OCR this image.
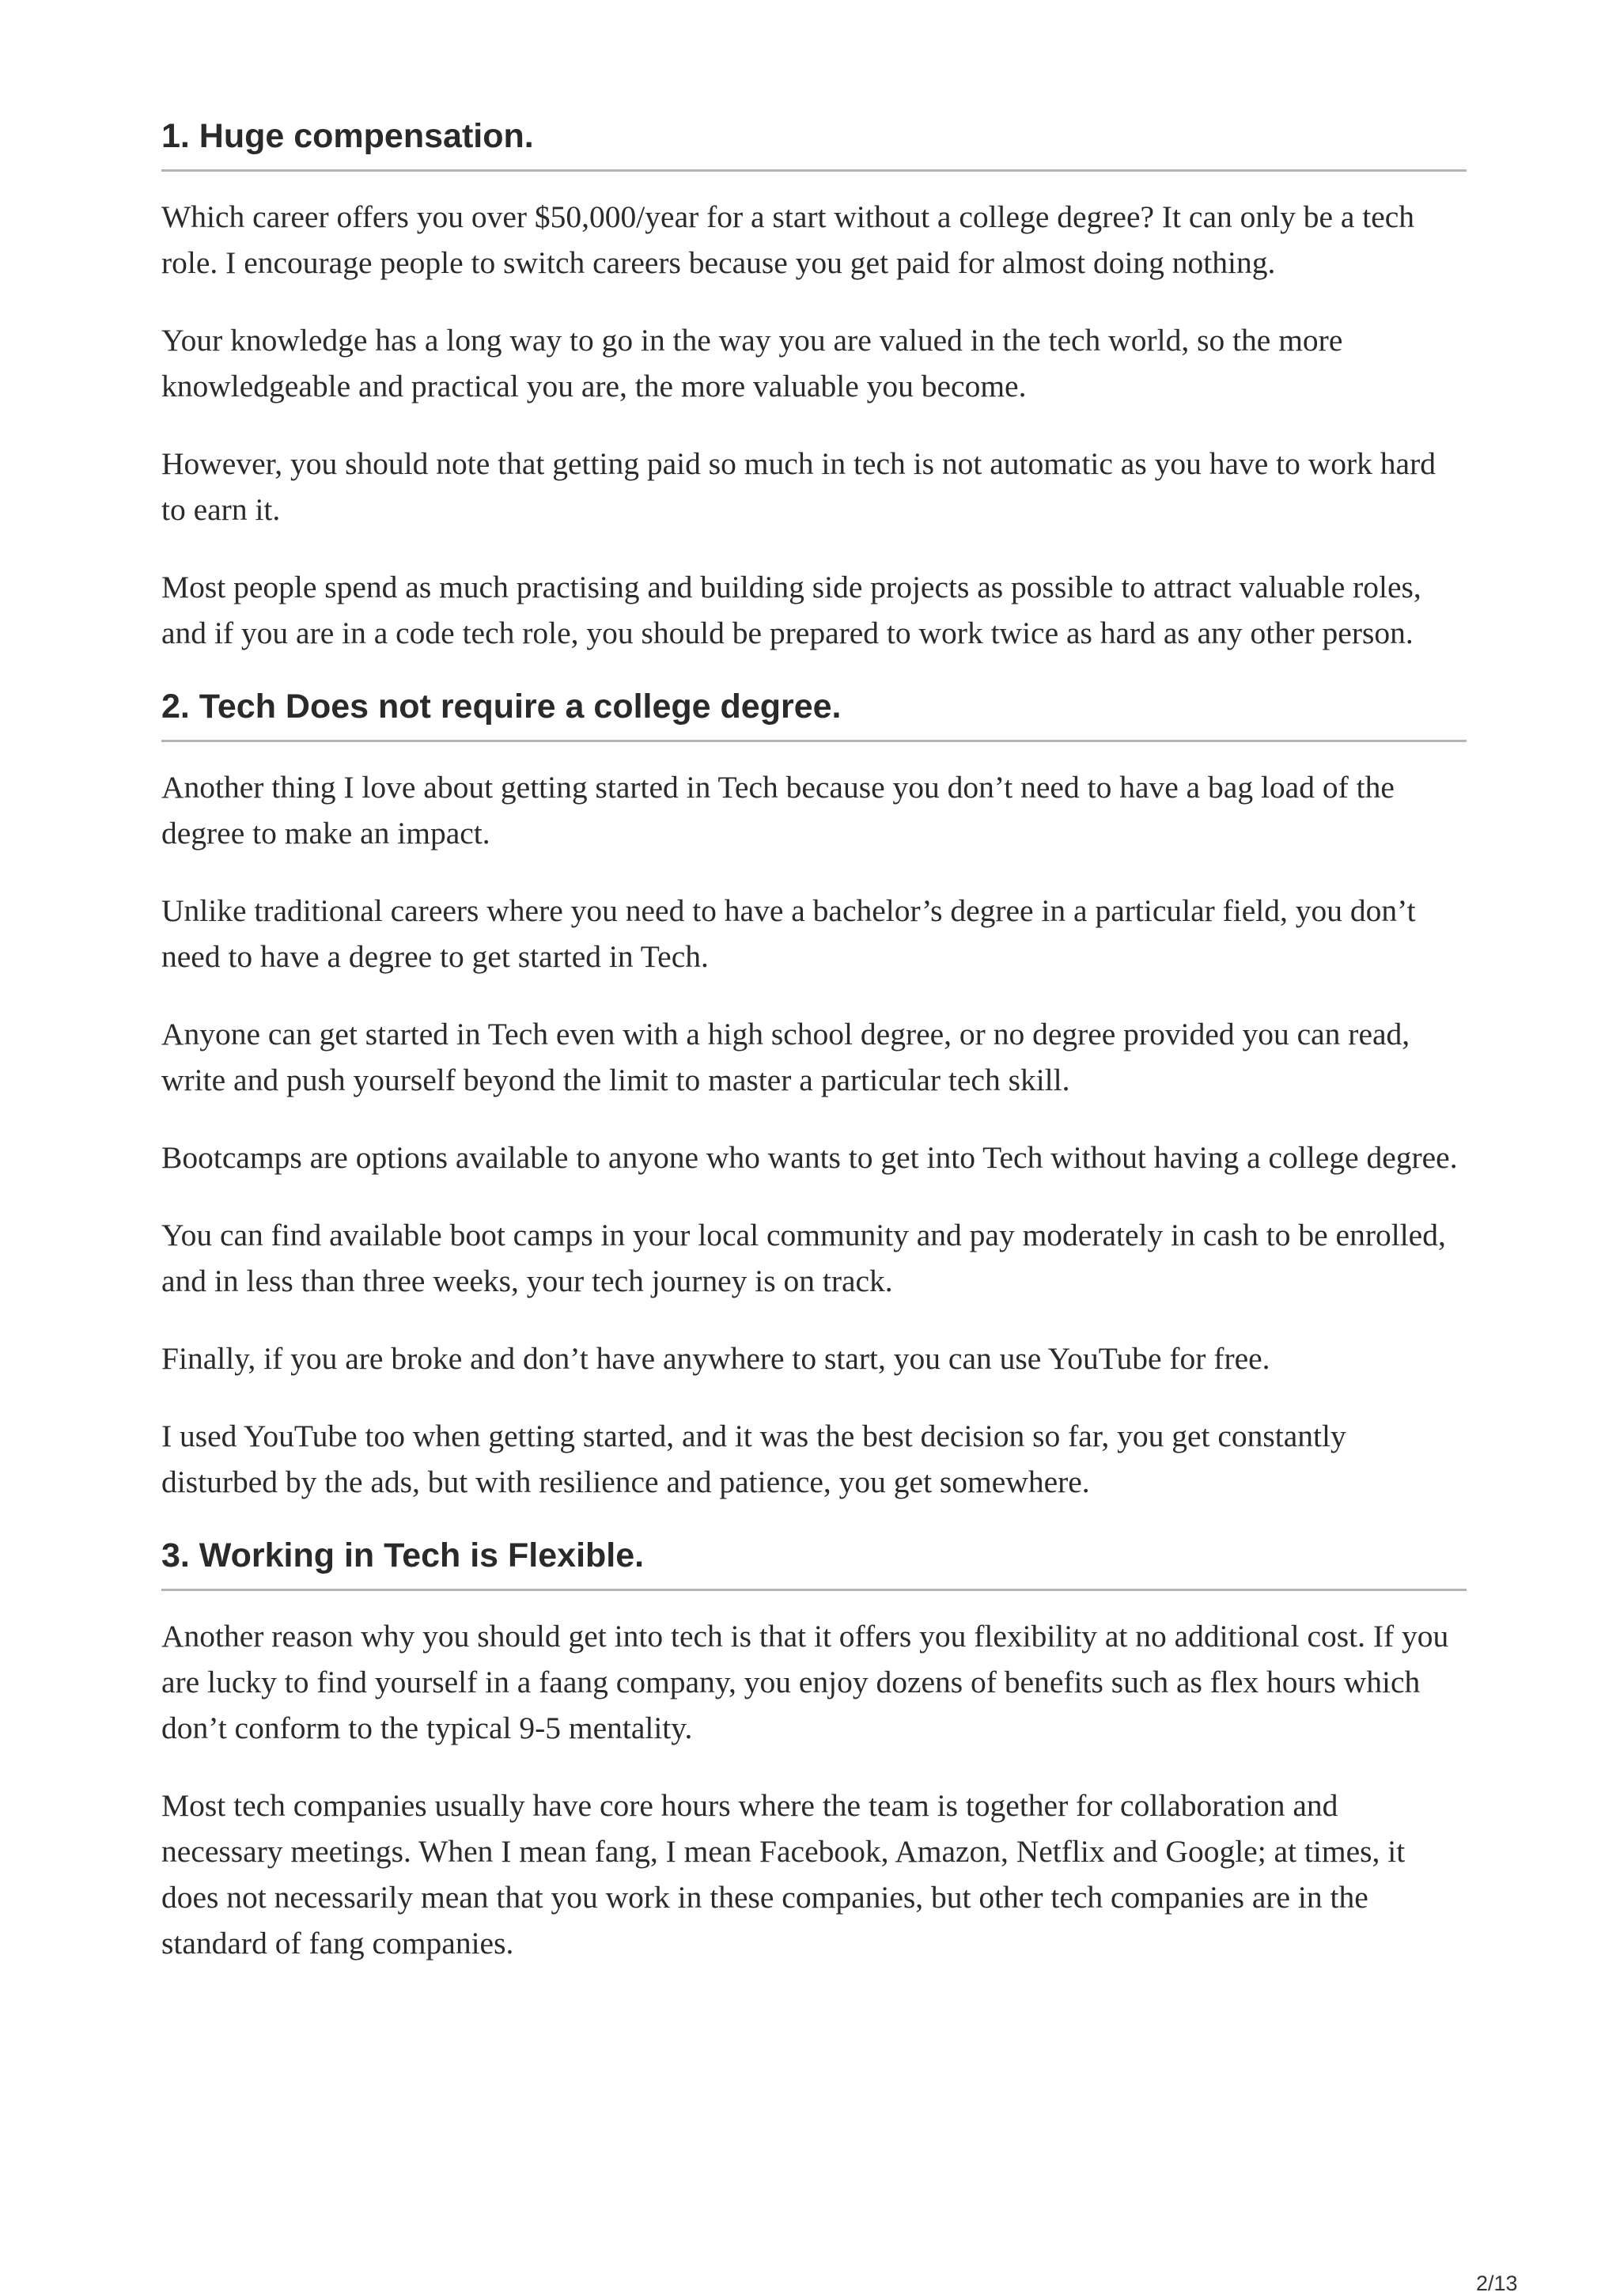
1. Huge compensation.

Which career offers you over $50,000/year for a start without a college degree? It can only be a tech role. I encourage people to switch careers because you get paid for almost doing nothing.

Your knowledge has a long way to go in the way you are valued in the tech world, so the more knowledgeable and practical you are, the more valuable you become.

However, you should note that getting paid so much in tech is not automatic as you have to work hard to earn it.

Most people spend as much practising and building side projects as possible to attract valuable roles, and if you are in a code tech role, you should be prepared to work twice as hard as any other person.

2. Tech Does not require a college degree.

Another thing I love about getting started in Tech because you don’t need to have a bag load of the degree to make an impact.

Unlike traditional careers where you need to have a bachelor’s degree in a particular field, you don’t need to have a degree to get started in Tech.

Anyone can get started in Tech even with a high school degree, or no degree provided you can read, write and push yourself beyond the limit to master a particular tech skill.

Bootcamps are options available to anyone who wants to get into Tech without having a college degree.

You can find available boot camps in your local community and pay moderately in cash to be enrolled, and in less than three weeks, your tech journey is on track.

Finally, if you are broke and don’t have anywhere to start, you can use YouTube for free.

I used YouTube too when getting started, and it was the best decision so far, you get constantly disturbed by the ads, but with resilience and patience, you get somewhere.

3. Working in Tech is Flexible.

Another reason why you should get into tech is that it offers you flexibility at no additional cost. If you are lucky to find yourself in a faang company, you enjoy dozens of benefits such as flex hours which don’t conform to the typical 9-5 mentality.

Most tech companies usually have core hours where the team is together for collaboration and necessary meetings. When I mean fang, I mean Facebook, Amazon, Netflix and Google; at times, it does not necessarily mean that you work in these companies, but other tech companies are in the standard of fang companies.

2/13
